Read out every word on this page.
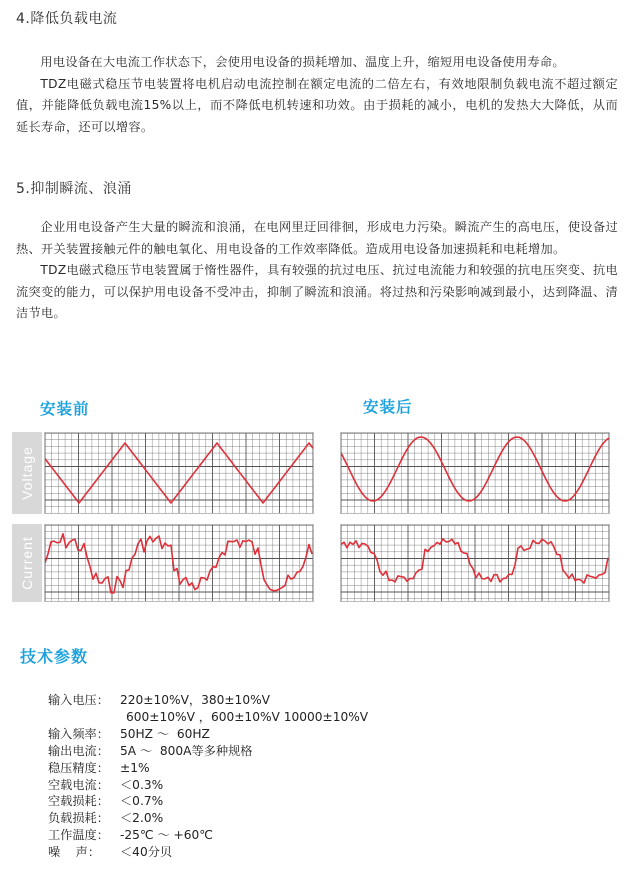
4.降低负载电流

用电设备在大电流工作状态下，会使用电设备的损耗增加、温度上升，缩短用电设备使用寿命。

TDZ电磁式稳压节电装置将电机启动电流控制在额定电流的二倍左右，有效地限制负载电流不超过额定值，并能降低负载电流15%以上，而不降低电机转速和功效。由于损耗的减小，电机的发热大大降低，从而延长寿命，还可以增容。

5.抑制瞬流、浪涌

企业用电设备产生大量的瞬流和浪涌，在电网里迂回徘徊，形成电力污染。瞬流产生的高电压，使设备过热、开关装置接触元件的触电氧化、用电设备的工作效率降低。造成用电设备加速损耗和电耗增加。

TDZ电磁式稳压节电装置属于惰性器件，具有较强的抗过电压、抗过电流能力和较强的抗电压突变、抗电流突变的能力，可以保护用电设备不受冲击，抑制了瞬流和浪涌。将过热和污染影响减到最小，达到降温、清洁节电。

安装前	安装后
Voltage
Current
技术参数
输入电压： 220±10%V，380±10%V
600±10%V ，600±10%V 10000±10%V
输入频率： 50HZ ～  60HZ
输出电流： 5A ～  800A等多种规格
稳压精度： ±1%
空载电流： ＜0.3%
空载损耗： ＜0.7%
负载损耗： ＜2.0%
工作温度： -25℃ ～ +60℃
噪    声：	＜40分贝
